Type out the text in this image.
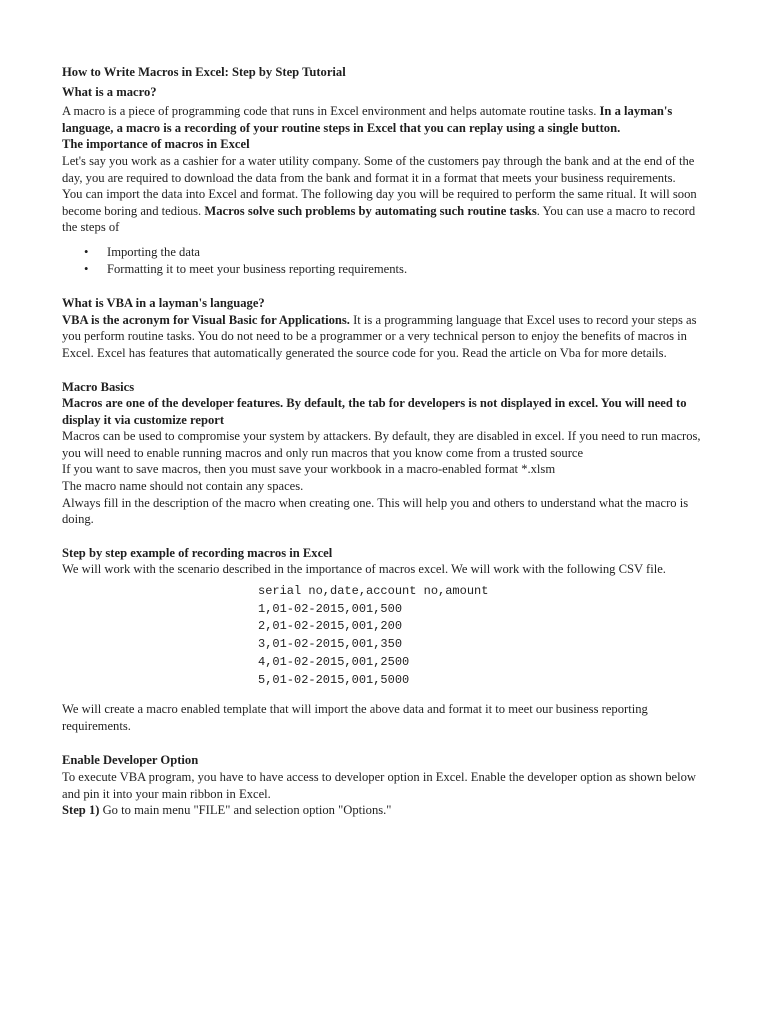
How to Write Macros in Excel: Step by Step Tutorial

What is a macro?

A macro is a piece of programming code that runs in Excel environment and helps automate routine tasks. In a layman's language, a macro is a recording of your routine steps in Excel that you can replay using a single button.

The importance of macros in Excel

Let's say you work as a cashier for a water utility company. Some of the customers pay through the bank and at the end of the day, you are required to download the data from the bank and format it in a format that meets your business requirements.

You can import the data into Excel and format. The following day you will be required to perform the same ritual. It will soon become boring and tedious. Macros solve such problems by automating such routine tasks. You can use a macro to record the steps of

• Importing the data
• Formatting it to meet your business reporting requirements.

What is VBA in a layman's language?

VBA is the acronym for Visual Basic for Applications. It is a programming language that Excel uses to record your steps as you perform routine tasks. You do not need to be a programmer or a very technical person to enjoy the benefits of macros in Excel. Excel has features that automatically generated the source code for you. Read the article on Vba for more details.

Macro Basics

Macros are one of the developer features. By default, the tab for developers is not displayed in excel. You will need to display it via customize report

Macros can be used to compromise your system by attackers. By default, they are disabled in excel. If you need to run macros, you will need to enable running macros and only run macros that you know come from a trusted source

If you want to save macros, then you must save your workbook in a macro-enabled format *.xlsm

The macro name should not contain any spaces.

Always fill in the description of the macro when creating one. This will help you and others to understand what the macro is doing.

Step by step example of recording macros in Excel

We will work with the scenario described in the importance of macros excel. We will work with the following CSV file.

serial no,date,account no,amount
1,01-02-2015,001,500
2,01-02-2015,001,200
3,01-02-2015,001,350
4,01-02-2015,001,2500
5,01-02-2015,001,5000

We will create a macro enabled template that will import the above data and format it to meet our business reporting requirements.

Enable Developer Option

To execute VBA program, you have to have access to developer option in Excel. Enable the developer option as shown below and pin it into your main ribbon in Excel.

Step 1) Go to main menu "FILE" and selection option "Options."
